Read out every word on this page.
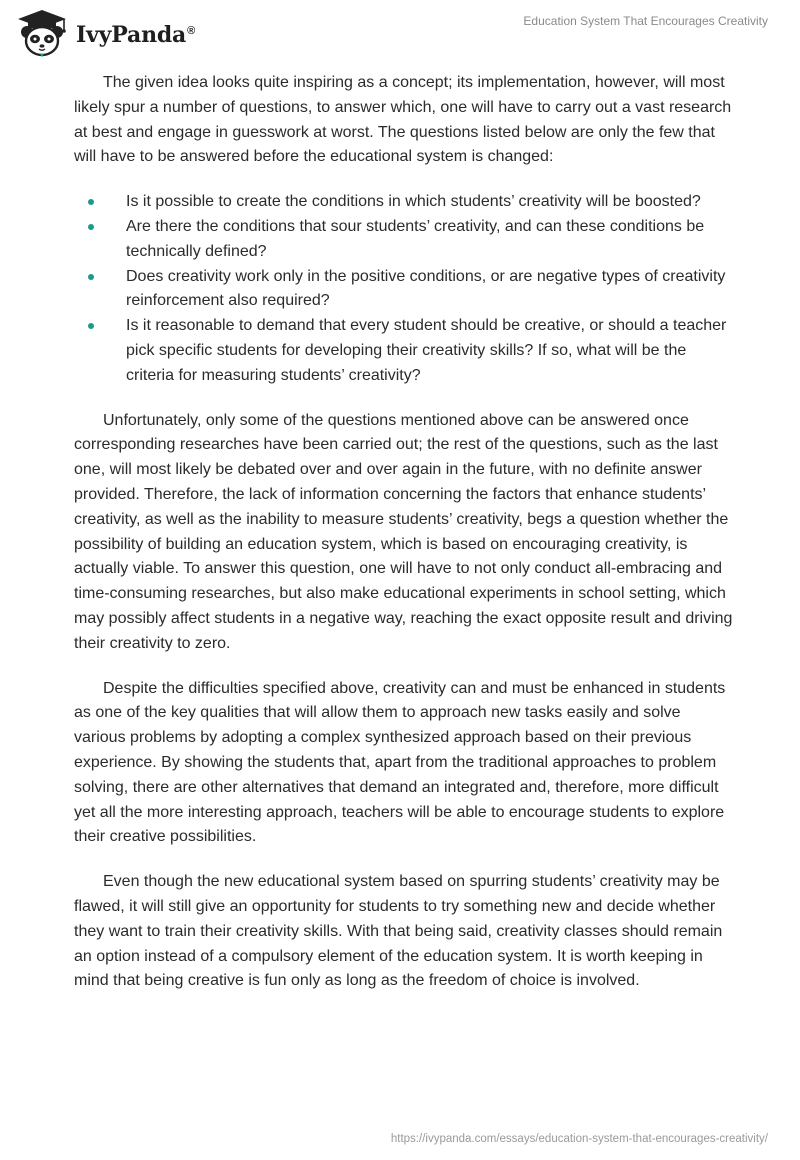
IvyPanda®
Education System That Encourages Creativity

The given idea looks quite inspiring as a concept; its implementation, however, will most likely spur a number of questions, to answer which, one will have to carry out a vast research at best and engage in guesswork at worst. The questions listed below are only the few that will have to be answered before the educational system is changed:

Is it possible to create the conditions in which students’ creativity will be boosted?
Are there the conditions that sour students’ creativity, and can these conditions be technically defined?
Does creativity work only in the positive conditions, or are negative types of creativity reinforcement also required?
Is it reasonable to demand that every student should be creative, or should a teacher pick specific students for developing their creativity skills? If so, what will be the criteria for measuring students’ creativity?

Unfortunately, only some of the questions mentioned above can be answered once corresponding researches have been carried out; the rest of the questions, such as the last one, will most likely be debated over and over again in the future, with no definite answer provided. Therefore, the lack of information concerning the factors that enhance students’ creativity, as well as the inability to measure students’ creativity, begs a question whether the possibility of building an education system, which is based on encouraging creativity, is actually viable. To answer this question, one will have to not only conduct all-embracing and time-consuming researches, but also make educational experiments in school setting, which may possibly affect students in a negative way, reaching the exact opposite result and driving their creativity to zero.

Despite the difficulties specified above, creativity can and must be enhanced in students as one of the key qualities that will allow them to approach new tasks easily and solve various problems by adopting a complex synthesized approach based on their previous experience. By showing the students that, apart from the traditional approaches to problem solving, there are other alternatives that demand an integrated and, therefore, more difficult yet all the more interesting approach, teachers will be able to encourage students to explore their creative possibilities.

Even though the new educational system based on spurring students’ creativity may be flawed, it will still give an opportunity for students to try something new and decide whether they want to train their creativity skills. With that being said, creativity classes should remain an option instead of a compulsory element of the education system. It is worth keeping in mind that being creative is fun only as long as the freedom of choice is involved.

https://ivypanda.com/essays/education-system-that-encourages-creativity/
